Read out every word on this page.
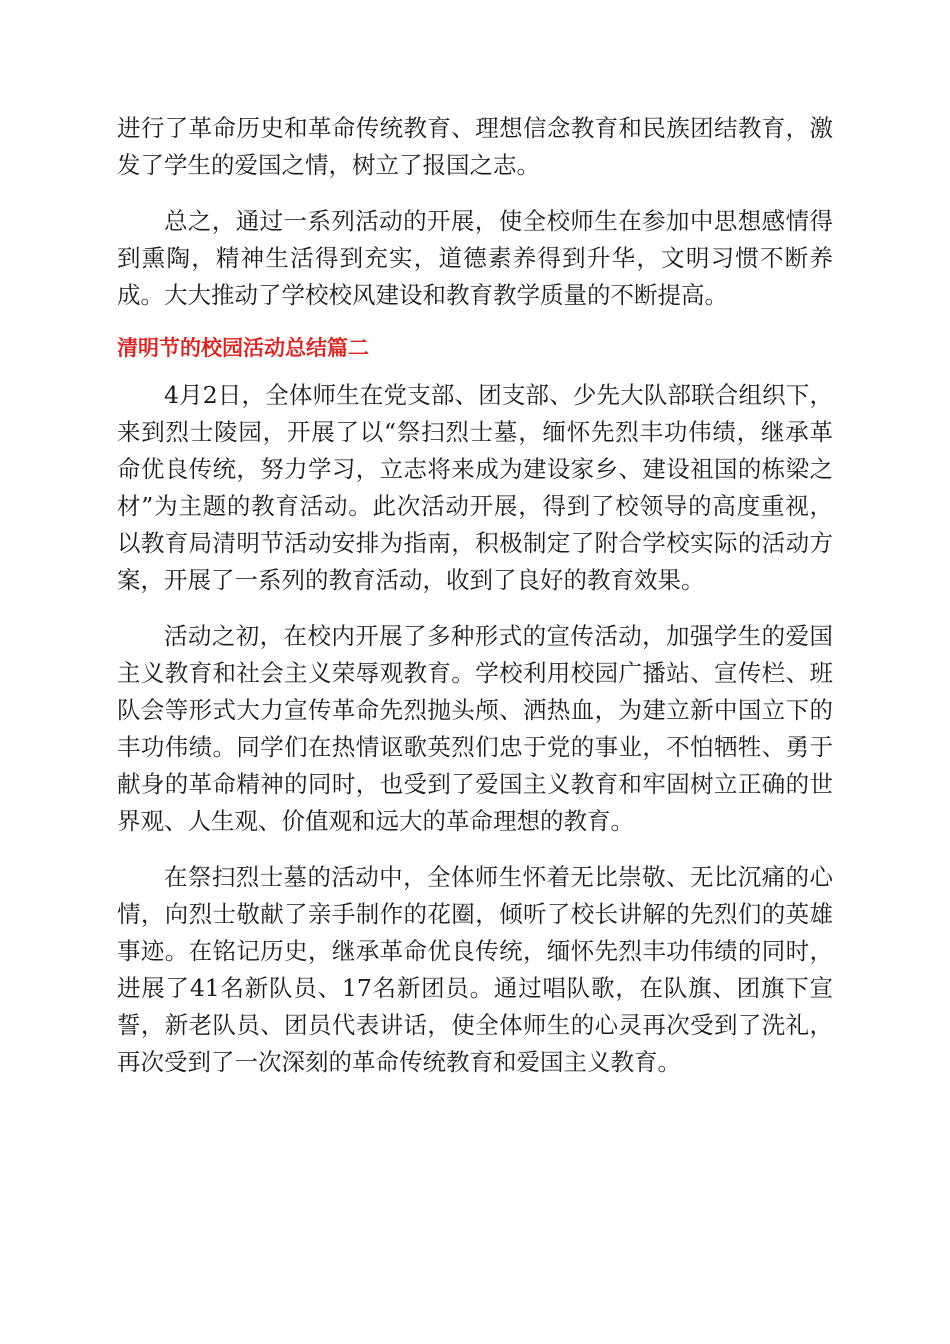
进行了革命历史和革命传统教育、理想信念教育和民族团结教育，激发了学生的爱国之情，树立了报国之志。

总之，通过一系列活动的开展，使全校师生在参加中思想感情得到熏陶，精神生活得到充实，道德素养得到升华，文明习惯不断养成。大大推动了学校校风建设和教育教学质量的不断提高。

清明节的校园活动总结篇二

4月2日，全体师生在党支部、团支部、少先大队部联合组织下，来到烈士陵园，开展了以“祭扫烈士墓，缅怀先烈丰功伟绩，继承革命优良传统，努力学习，立志将来成为建设家乡、建设祖国的栋梁之材”为主题的教育活动。此次活动开展，得到了校领导的高度重视，以教育局清明节活动安排为指南，积极制定了附合学校实际的活动方案，开展了一系列的教育活动，收到了良好的教育效果。

活动之初，在校内开展了多种形式的宣传活动，加强学生的爱国主义教育和社会主义荣辱观教育。学校利用校园广播站、宣传栏、班队会等形式大力宣传革命先烈抛头颅、洒热血，为建立新中国立下的丰功伟绩。同学们在热情讴歌英烈们忠于党的事业，不怕牺牲、勇于献身的革命精神的同时，也受到了爱国主义教育和牢固树立正确的世界观、人生观、价值观和远大的革命理想的教育。

在祭扫烈士墓的活动中，全体师生怀着无比崇敬、无比沉痛的心情，向烈士敬献了亲手制作的花圈，倾听了校长讲解的先烈们的英雄事迹。在铭记历史，继承革命优良传统，缅怀先烈丰功伟绩的同时，进展了41名新队员、17名新团员。通过唱队歌，在队旗、团旗下宣誓，新老队员、团员代表讲话，使全体师生的心灵再次受到了洗礼，再次受到了一次深刻的革命传统教育和爱国主义教育。
